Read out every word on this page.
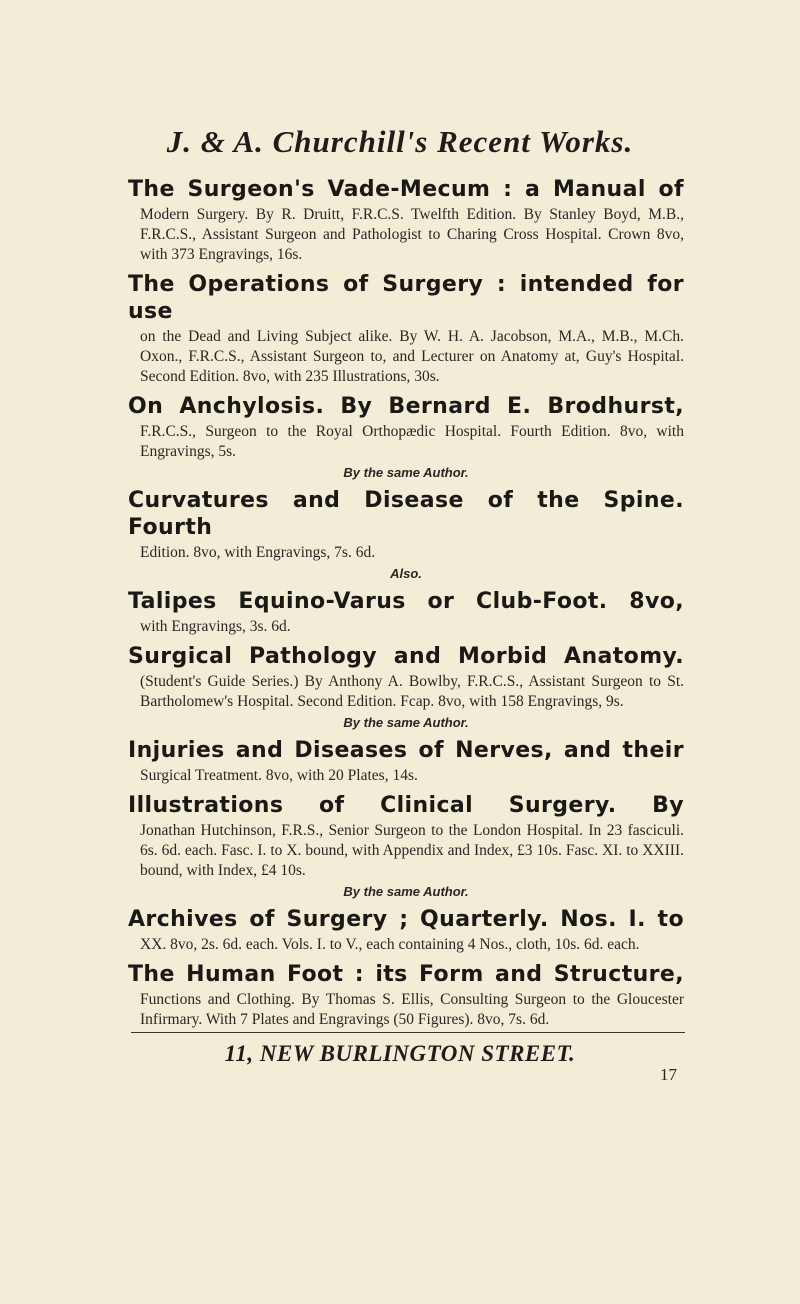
J. & A. Churchill's Recent Works.
The Surgeon's Vade-Mecum : a Manual of
Modern Surgery. By R. Druitt, F.R.C.S. Twelfth Edition. By Stanley Boyd, M.B., F.R.C.S., Assistant Surgeon and Pathologist to Charing Cross Hospital. Crown 8vo, with 373 Engravings, 16s.
The Operations of Surgery : intended for use
on the Dead and Living Subject alike. By W. H. A. Jacobson, M.A., M.B., M.Ch. Oxon., F.R.C.S., Assistant Surgeon to, and Lecturer on Anatomy at, Guy's Hospital. Second Edition. 8vo, with 235 Illustrations, 30s.
On Anchylosis. By Bernard E. Brodhurst,
F.R.C.S., Surgeon to the Royal Orthopædic Hospital. Fourth Edition. 8vo, with Engravings, 5s.
By the same Author.
Curvatures and Disease of the Spine. Fourth
Edition. 8vo, with Engravings, 7s. 6d.
Also.
Talipes Equino-Varus or Club-Foot. 8vo,
with Engravings, 3s. 6d.
Surgical Pathology and Morbid Anatomy.
(Student's Guide Series.) By Anthony A. Bowlby, F.R.C.S., Assistant Surgeon to St. Bartholomew's Hospital. Second Edition. Fcap. 8vo, with 158 Engravings, 9s.
By the same Author.
Injuries and Diseases of Nerves, and their
Surgical Treatment. 8vo, with 20 Plates, 14s.
Illustrations of Clinical Surgery. By
Jonathan Hutchinson, F.R.S., Senior Surgeon to the London Hospital. In 23 fasciculi. 6s. 6d. each. Fasc. I. to X. bound, with Appendix and Index, £3 10s. Fasc. XI. to XXIII. bound, with Index, £4 10s.
By the same Author.
Archives of Surgery ; Quarterly. Nos. I. to
XX. 8vo, 2s. 6d. each. Vols. I. to V., each containing 4 Nos., cloth, 10s. 6d. each.
The Human Foot : its Form and Structure,
Functions and Clothing. By Thomas S. Ellis, Consulting Surgeon to the Gloucester Infirmary. With 7 Plates and Engravings (50 Figures). 8vo, 7s. 6d.
11, NEW BURLINGTON STREET.
17
